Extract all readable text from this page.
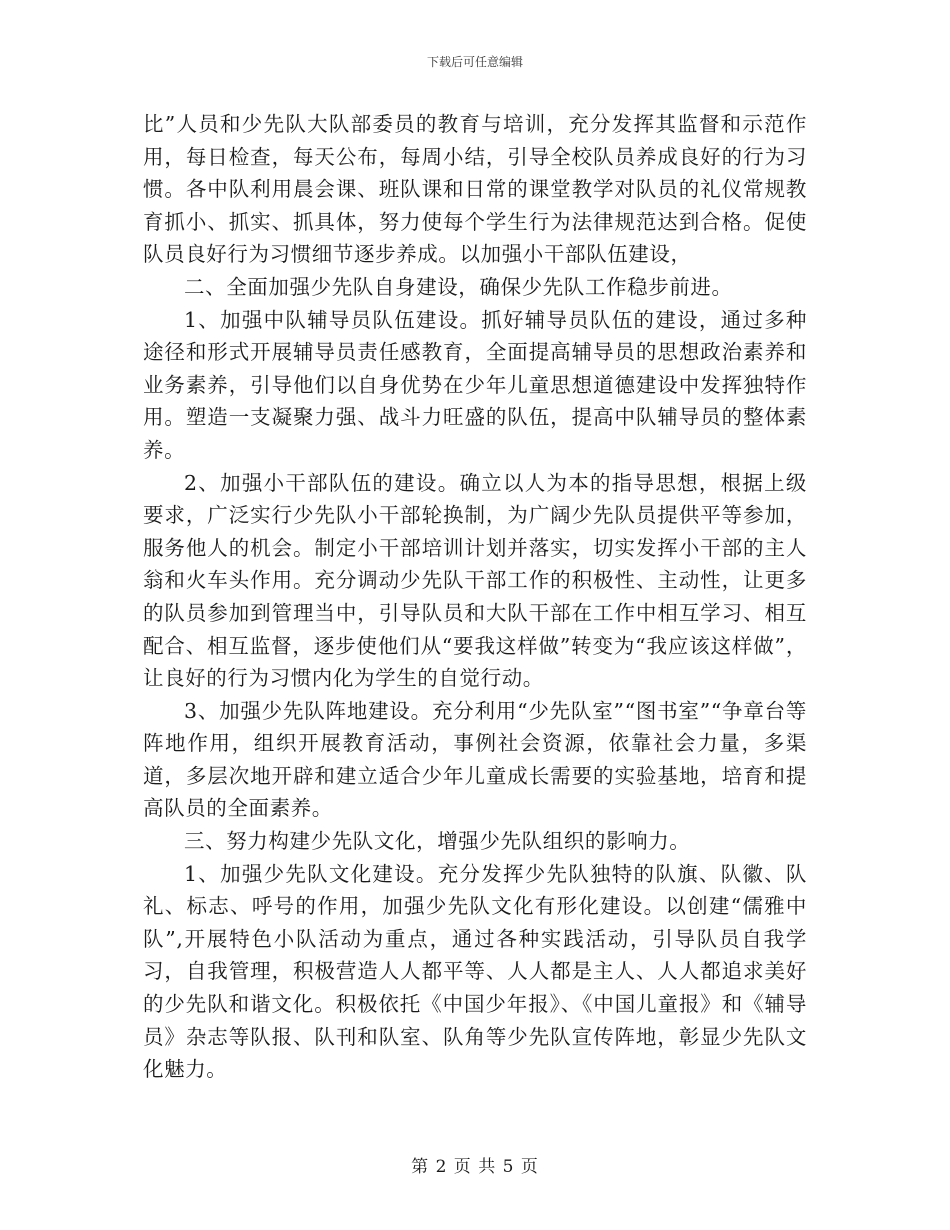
下载后可任意编辑

比”人员和少先队大队部委员的教育与培训，充分发挥其监督和示范作用，每日检查，每天公布，每周小结，引导全校队员养成良好的行为习惯。各中队利用晨会课、班队课和日常的课堂教学对队员的礼仪常规教育抓小、抓实、抓具体，努力使每个学生行为法律规范达到合格。促使队员良好行为习惯细节逐步养成。以加强小干部队伍建设，

二、全面加强少先队自身建设，确保少先队工作稳步前进。

1、加强中队辅导员队伍建设。抓好辅导员队伍的建设，通过多种途径和形式开展辅导员责任感教育，全面提高辅导员的思想政治素养和业务素养，引导他们以自身优势在少年儿童思想道德建设中发挥独特作用。塑造一支凝聚力强、战斗力旺盛的队伍，提高中队辅导员的整体素养。

2、加强小干部队伍的建设。确立以人为本的指导思想，根据上级要求，广泛实行少先队小干部轮换制，为广阔少先队员提供平等参加，服务他人的机会。制定小干部培训计划并落实，切实发挥小干部的主人翁和火车头作用。充分调动少先队干部工作的积极性、主动性，让更多的队员参加到管理当中，引导队员和大队干部在工作中相互学习、相互配合、相互监督，逐步使他们从“要我这样做”转变为“我应该这样做”，让良好的行为习惯内化为学生的自觉行动。

3、加强少先队阵地建设。充分利用“少先队室”“图书室”“争章台等阵地作用，组织开展教育活动，事例社会资源，依靠社会力量，多渠道，多层次地开辟和建立适合少年儿童成长需要的实验基地，培育和提高队员的全面素养。

三、努力构建少先队文化，增强少先队组织的影响力。

1、加强少先队文化建设。充分发挥少先队独特的队旗、队徽、队礼、标志、呼号的作用，加强少先队文化有形化建设。以创建“儒雅中队”,开展特色小队活动为重点，通过各种实践活动，引导队员自我学习，自我管理，积极营造人人都平等、人人都是主人、人人都追求美好的少先队和谐文化。积极依托《中国少年报》、《中国儿童报》和《辅导员》杂志等队报、队刊和队室、队角等少先队宣传阵地，彰显少先队文化魅力。

第 2 页 共 5 页
